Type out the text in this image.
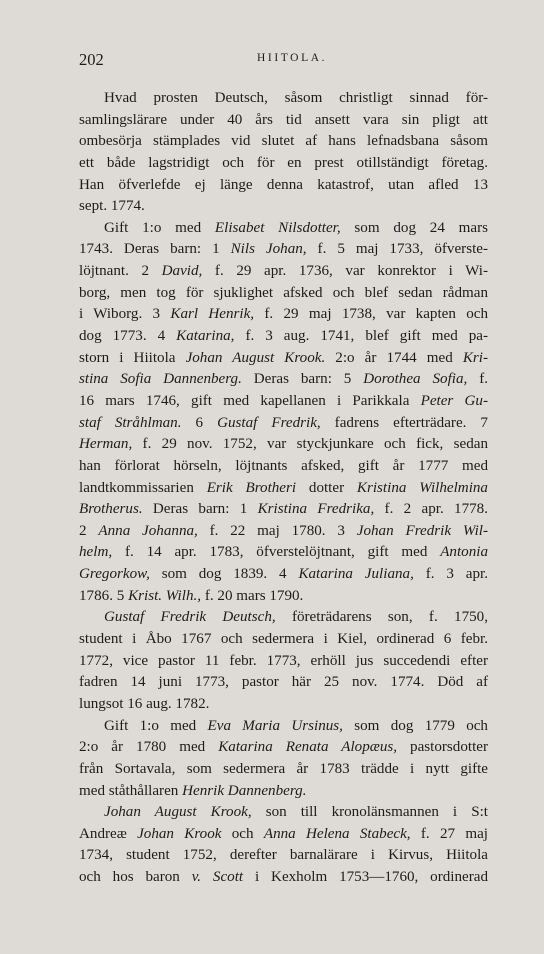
202	HIITOLA.
Hvad prosten Deutsch, såsom christligt sinnad för-
samlingslärare under 40 års tid ansett vara sin pligt att
ombesörja stämplades vid slutet af hans lefnadsbana såsom
ett både lagstridigt och för en prest otillständigt företag.
Han öfverlefde ej länge denna katastrof, utan afled 13
sept. 1774.
Gift 1:o med Elisabet Nilsdotter, som dog 24 mars
1743. Deras barn: 1 Nils Johan, f. 5 maj 1733, öfverste-
löjtnant. 2 David, f. 29 apr. 1736, var konrektor i Wi-
borg, men tog för sjuklighet afsked och blef sedan rådman
i Wiborg. 3 Karl Henrik, f. 29 maj 1738, var kapten och
dog 1773. 4 Katarina, f. 3 aug. 1741, blef gift med pa-
storn i Hiitola Johan August Krook. 2:o år 1744 med Kri-
stina Sofia Dannenberg. Deras barn: 5 Dorothea Sofia, f.
16 mars 1746, gift med kapellanen i Parikkala Peter Gu-
staf Stråhlman. 6 Gustaf Fredrik, fadrens efterträdare. 7
Herman, f. 29 nov. 1752, var styckjunkare och fick, sedan
han förlorat hörseln, löjtnants afsked, gift år 1777 med
landtkommissarien Erik Brotheri dotter Kristina Wilhelmina
Brotherus. Deras barn: 1 Kristina Fredrika, f. 2 apr. 1778.
2 Anna Johanna, f. 22 maj 1780. 3 Johan Fredrik Wil-
helm, f. 14 apr. 1783, öfverstelöjtnant, gift med Antonia
Gregorkow, som dog 1839. 4 Katarina Juliana, f. 3 apr.
1786. 5 Krist. Wilh., f. 20 mars 1790.
Gustaf Fredrik Deutsch, företrädarens son, f. 1750,
student i Åbo 1767 och sedermera i Kiel, ordinerad 6 febr.
1772, vice pastor 11 febr. 1773, erhöll jus succedendi efter
fadren 14 juni 1773, pastor här 25 nov. 1774. Död af
lungsot 16 aug. 1782.
Gift 1:o med Eva Maria Ursinus, som dog 1779 och
2:o år 1780 med Katarina Renata Alopæus, pastorsdotter
från Sortavala, som sedermera år 1783 trädde i nytt gifte
med ståthållaren Henrik Dannenberg.
Johan August Krook, son till kronolänsmannen i S:t
Andreæ Johan Krook och Anna Helena Stabeck, f. 27 maj
1734, student 1752, derefter barnalärare i Kirvus, Hiitola
och hos baron v. Scott i Kexholm 1753—1760, ordinerad
